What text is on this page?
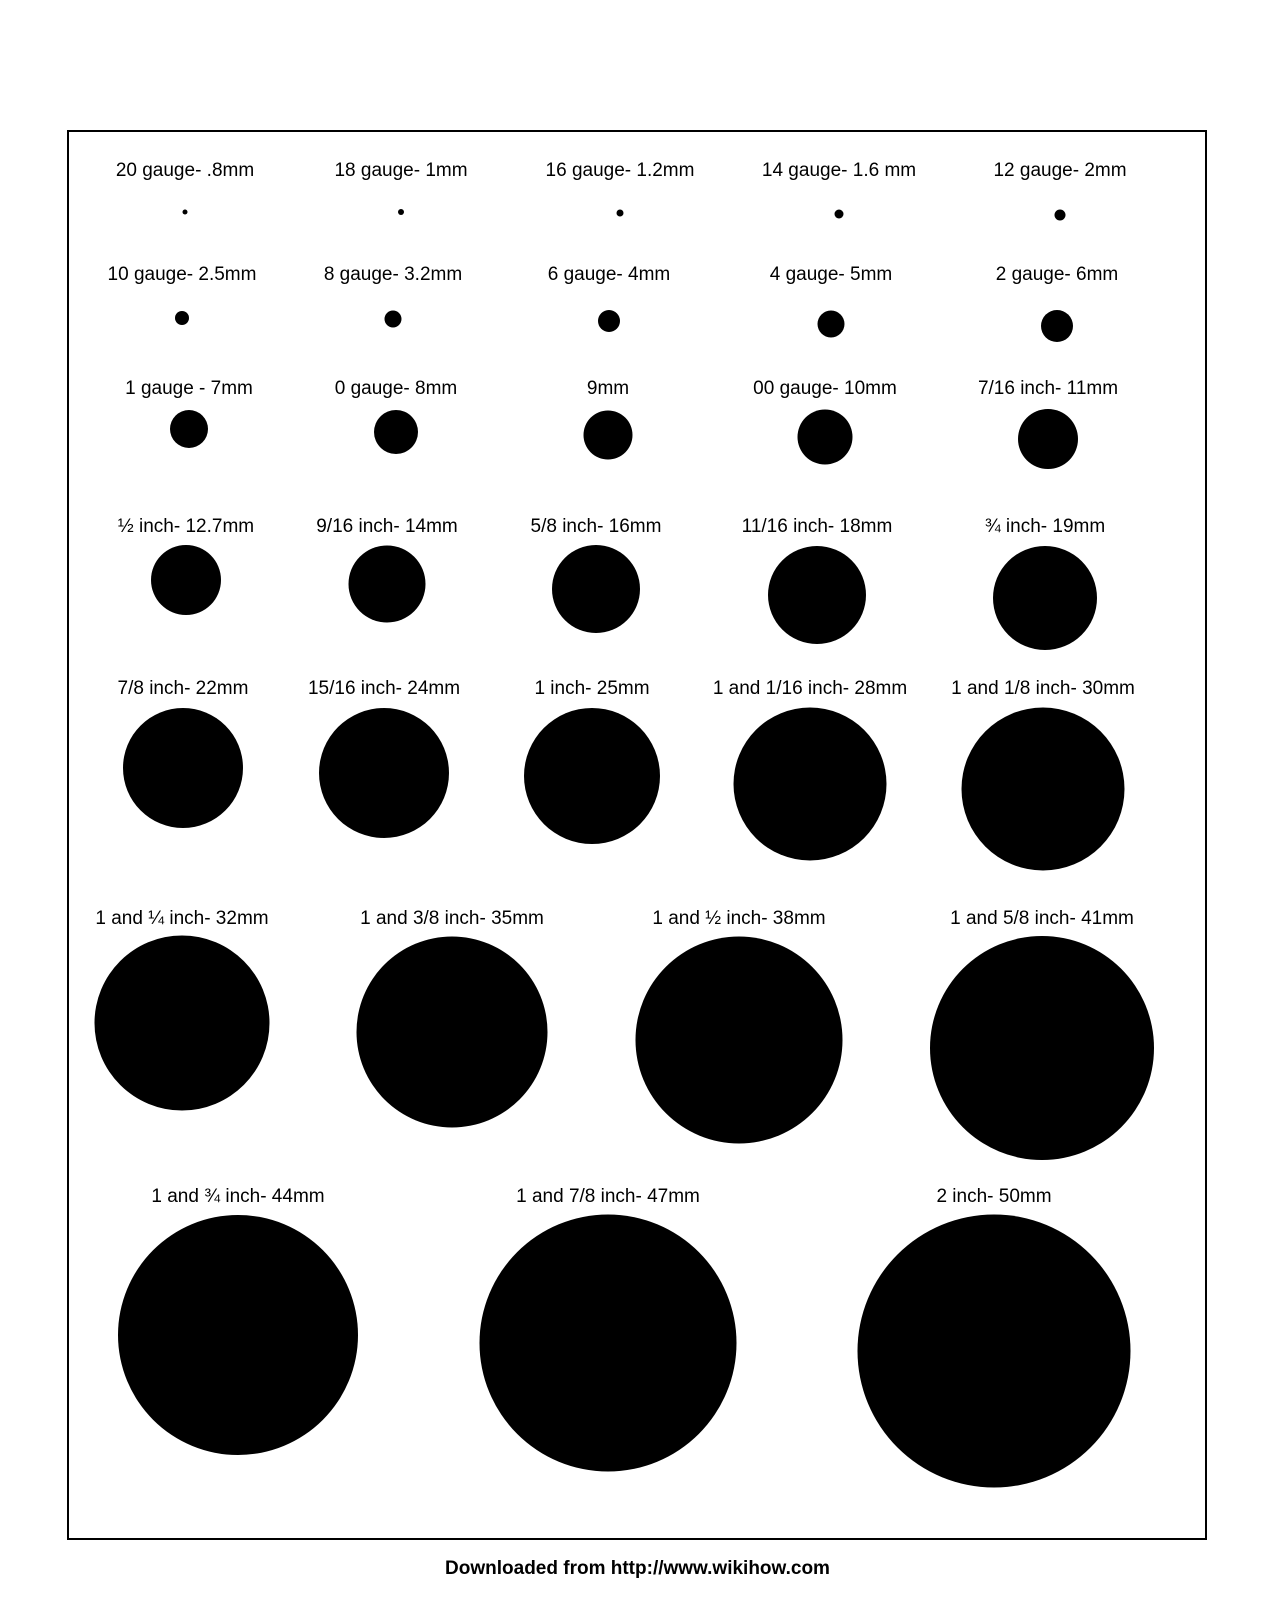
20 gauge- .8mm	18 gauge- 1mm	16 gauge- 1.2mm	14 gauge- 1.6 mm	12 gauge- 2mm
10 gauge- 2.5mm	8 gauge- 3.2mm	6 gauge- 4mm	4 gauge- 5mm	2 gauge- 6mm
1 gauge - 7mm	0 gauge- 8mm	9mm	00 gauge- 10mm	7/16 inch- 11mm
½ inch- 12.7mm	9/16 inch- 14mm	5/8 inch- 16mm	11/16 inch- 18mm	¾ inch- 19mm
7/8 inch- 22mm	15/16 inch- 24mm	1 inch- 25mm	1 and 1/16 inch- 28mm 1 and 1/8 inch- 30mm
1 and ¼ inch- 32mm	1 and 3/8 inch- 35mm	1 and ½ inch- 38mm	1 and 5/8 inch- 41mm
1 and ¾ inch- 44mm	1 and 7/8 inch- 47mm	2 inch- 50mm
Downloaded from http://www.wikihow.com
